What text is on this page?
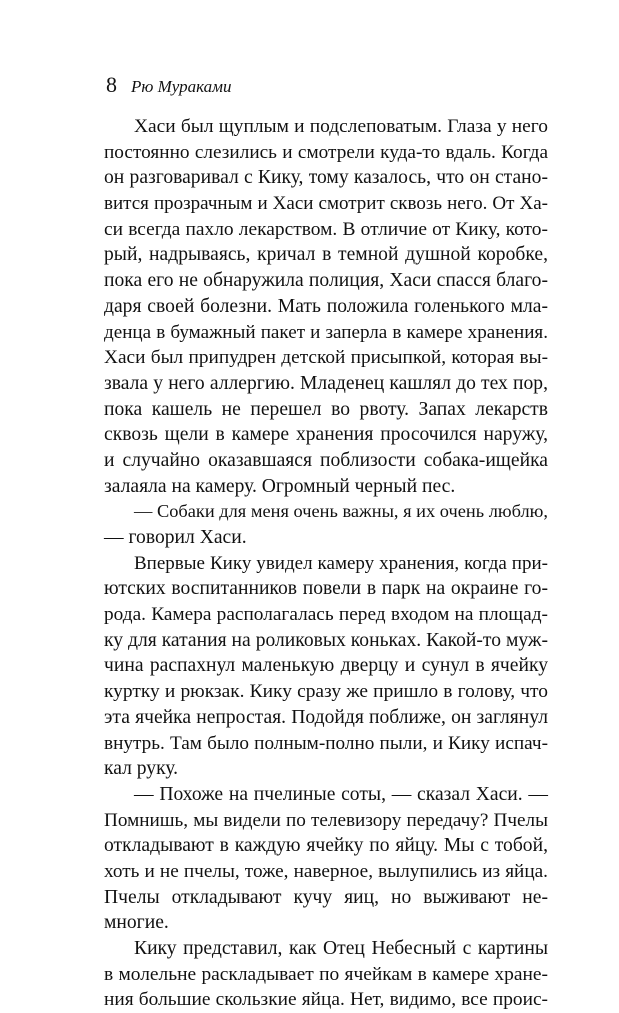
8 Рю Мураками
Хаси был щуплым и подслеповатым. Глаза у него
постоянно слезились и смотрели куда-то вдаль. Когда
он разговаривал с Кику, тому казалось, что он стано-
вится прозрачным и Хаси смотрит сквозь него. От Ха-
си всегда пахло лекарством. В отличие от Кику, кото-
рый, надрываясь, кричал в темной душной коробке,
пока его не обнаружила полиция, Хаси спасся благо-
даря своей болезни. Мать положила голенького мла-
денца в бумажный пакет и заперла в камере хранения.
Хаси был припудрен детской присыпкой, которая вы-
звала у него аллергию. Младенец кашлял до тех пор,
пока кашель не перешел во рвоту. Запах лекарств
сквозь щели в камере хранения просочился наружу,
и случайно оказавшаяся поблизости собака-ищейка
залаяла на камеру. Огромный черный пес.
— Собаки для меня очень важны, я их очень люблю,
— говорил Хаси.
Впервые Кику увидел камеру хранения, когда при-
ютских воспитанников повели в парк на окраине го-
рода. Камера располагалась перед входом на площад-
ку для катания на роликовых коньках. Какой-то муж-
чина распахнул маленькую дверцу и сунул в ячейку
куртку и рюкзак. Кику сразу же пришло в голову, что
эта ячейка непростая. Подойдя поближе, он заглянул
внутрь. Там было полным-полно пыли, и Кику испач-
кал руку.
— Похоже на пчелиные соты, — сказал Хаси. —
Помнишь, мы видели по телевизору передачу? Пчелы
откладывают в каждую ячейку по яйцу. Мы с тобой,
хоть и не пчелы, тоже, наверное, вылупились из яйца.
Пчелы откладывают кучу яиц, но выживают не-
многие.
Кику представил, как Отец Небесный с картины
в молельне раскладывает по ячейкам в камере хране-
ния большие скользкие яйца. Нет, видимо, все проис-
